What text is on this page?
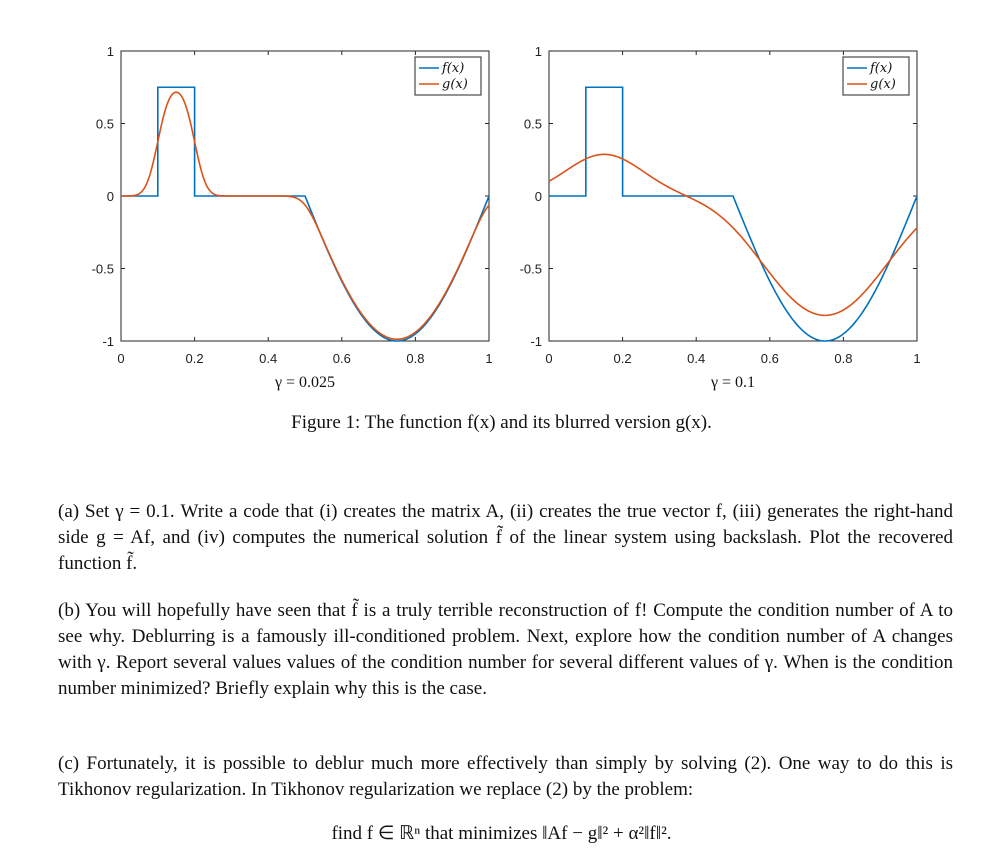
0	0.2	0.4	0.6	0.8	1
-1
-0.5
0
0.5
1
f(x)
g(x)
γ = 0.025
0	0.2	0.4	0.6	0.8	1
-1
-0.5
0
0.5
1
f(x)
g(x)
γ = 0.1
Figure 1: The function f(x) and its blurred version g(x).

(a) Set γ = 0.1. Write a code that (i) creates the matrix A, (ii) creates the true vector f, (iii) generates the right-hand side g = Af, and (iv) computes the numerical solution f̃ of the linear system using backslash. Plot the recovered function f̃.

(b) You will hopefully have seen that f̃ is a truly terrible reconstruction of f! Compute the condition number of A to see why. Deblurring is a famously ill-conditioned problem. Next, explore how the condition number of A changes with γ. Report several values values of the condition number for several different values of γ. When is the condition number minimized? Briefly explain why this is the case.

(c) Fortunately, it is possible to deblur much more effectively than simply by solving (2). One way to do this is Tikhonov regularization. In Tikhonov regularization we replace (2) by the problem:

find f ∈ ℝⁿ that minimizes ‖Af − g‖² + α²‖f‖².
